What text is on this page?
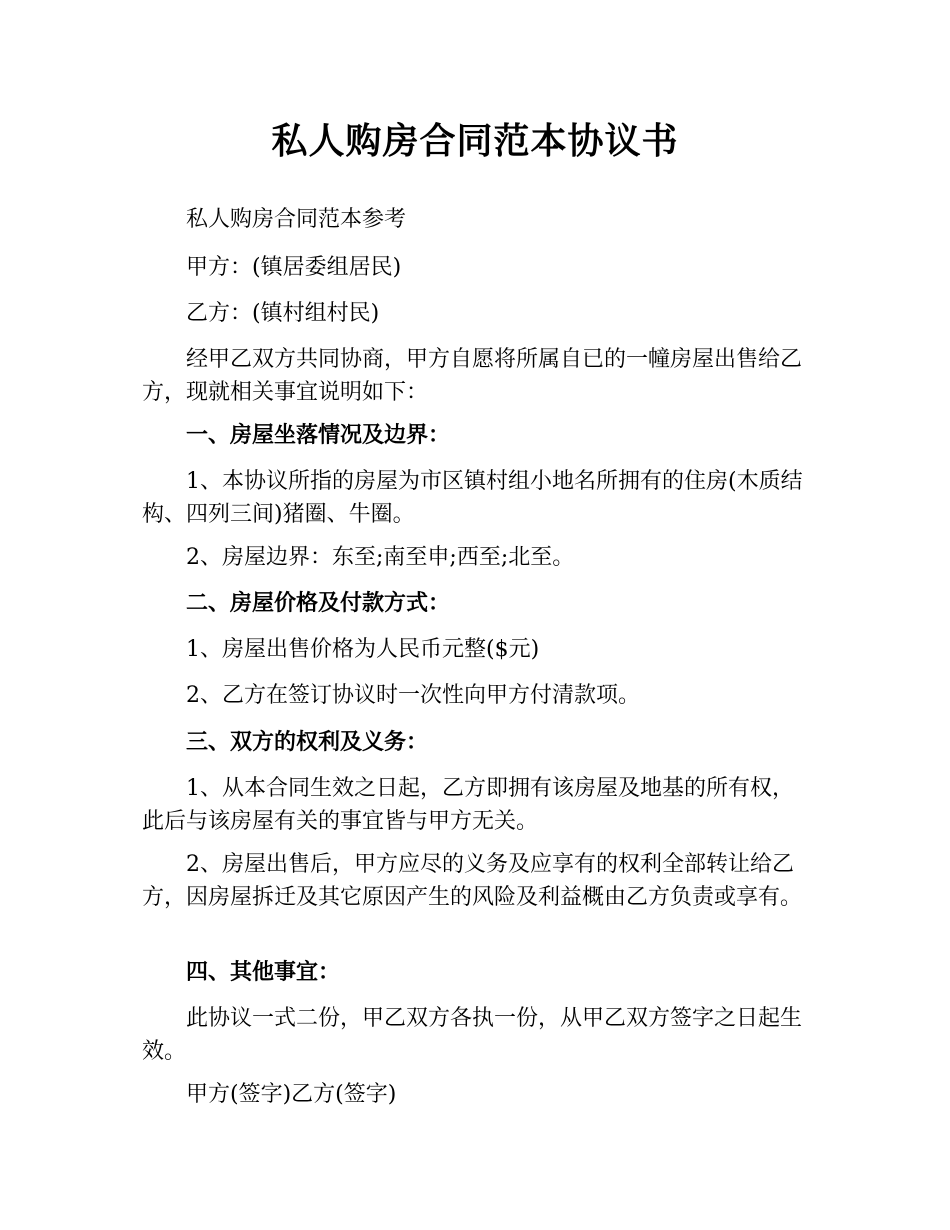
私人购房合同范本协议书

私人购房合同范本参考

甲方：(镇居委组居民)

乙方：(镇村组村民)

经甲乙双方共同协商，甲方自愿将所属自已的一幢房屋出售给乙方，现就相关事宜说明如下：

一、房屋坐落情况及边界：

1、本协议所指的房屋为市区镇村组小地名所拥有的住房(木质结构、四列三间)猪圈、牛圈。

2、房屋边界：东至;南至申;西至;北至。

二、房屋价格及付款方式：

1、房屋出售价格为人民币元整($元)

2、乙方在签订协议时一次性向甲方付清款项。

三、双方的权利及义务：

1、从本合同生效之日起，乙方即拥有该房屋及地基的所有权，此后与该房屋有关的事宜皆与甲方无关。

2、房屋出售后，甲方应尽的义务及应享有的权利全部转让给乙方，因房屋拆迁及其它原因产生的风险及利益概由乙方负责或享有。

四、其他事宜：

此协议一式二份，甲乙双方各执一份，从甲乙双方签字之日起生效。

甲方(签字)乙方(签字)
